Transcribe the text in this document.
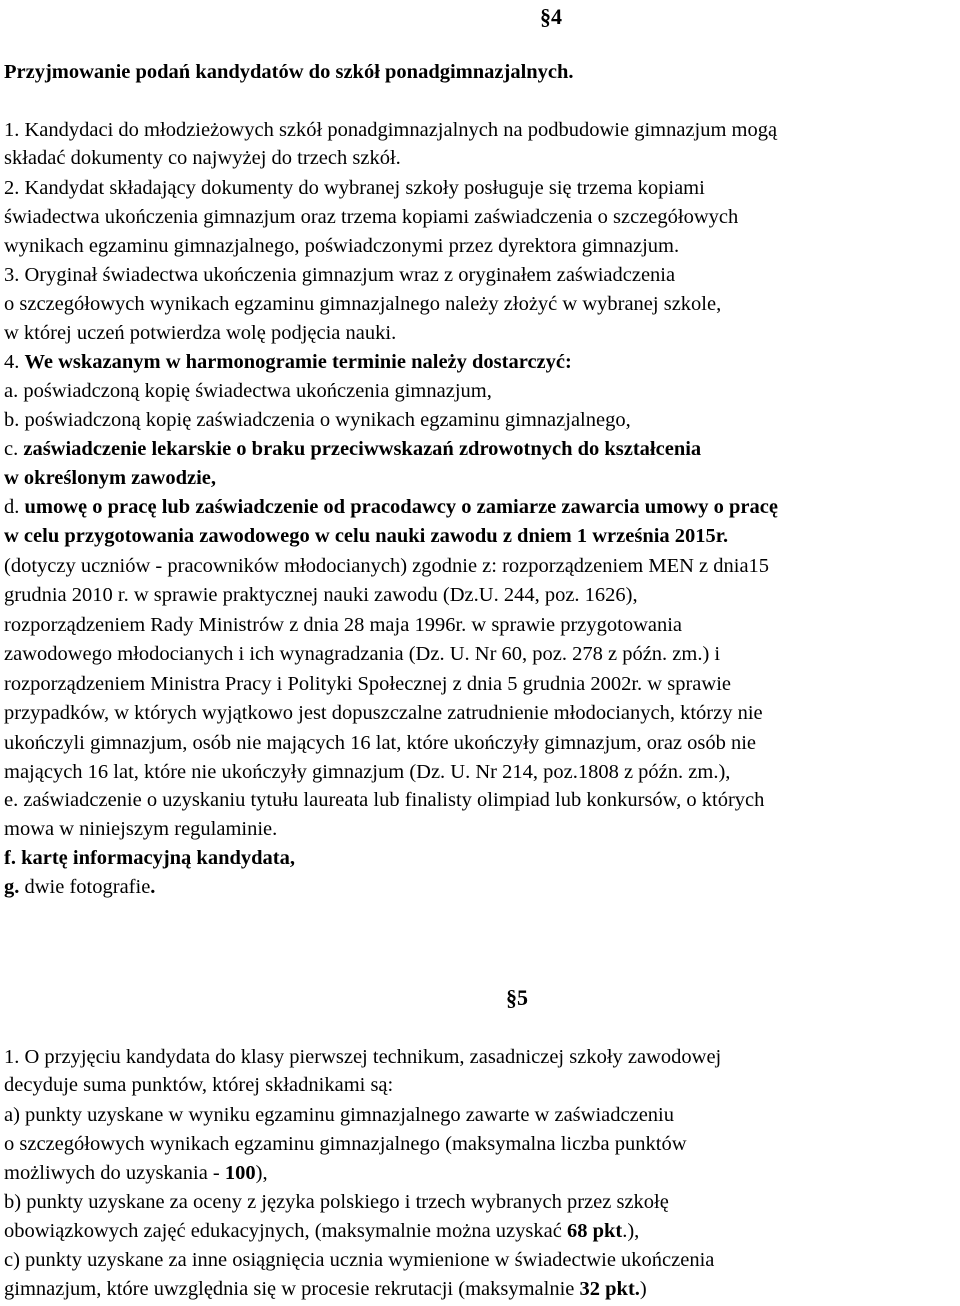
§4
Przyjmowanie podań kandydatów do szkół ponadgimnazjalnych.
1. Kandydaci do młodzieżowych szkół ponadgimnazjalnych na podbudowie gimnazjum mogą
składać dokumenty co najwyżej do trzech szkół.
2. Kandydat składający dokumenty do wybranej szkoły posługuje się trzema kopiami
świadectwa ukończenia gimnazjum oraz trzema kopiami zaświadczenia o szczegółowych
wynikach egzaminu gimnazjalnego, poświadczonymi przez dyrektora gimnazjum.
3. Oryginał świadectwa ukończenia gimnazjum wraz z oryginałem zaświadczenia
o szczegółowych wynikach egzaminu gimnazjalnego należy złożyć w wybranej szkole,
w której uczeń potwierdza wolę podjęcia nauki.
4. We wskazanym w harmonogramie terminie należy dostarczyć:
a. poświadczoną kopię świadectwa ukończenia gimnazjum,
b. poświadczoną kopię zaświadczenia o wynikach egzaminu gimnazjalnego,
c. zaświadczenie lekarskie o braku przeciwwskazań zdrowotnych do kształcenia
w określonym zawodzie,
d. umowę o pracę lub zaświadczenie od pracodawcy o zamiarze zawarcia umowy o pracę
w celu przygotowania zawodowego w celu nauki zawodu z dniem 1 września 2015r.
(dotyczy uczniów - pracowników młodocianych) zgodnie z: rozporządzeniem MEN z dnia15
grudnia 2010 r. w sprawie praktycznej nauki zawodu (Dz.U. 244, poz. 1626),
rozporządzeniem Rady Ministrów z dnia 28 maja 1996r. w sprawie przygotowania
zawodowego młodocianych i ich wynagradzania (Dz. U. Nr 60, poz. 278 z późn. zm.) i
rozporządzeniem Ministra Pracy i Polityki Społecznej z dnia 5 grudnia 2002r. w sprawie
przypadków, w których wyjątkowo jest dopuszczalne zatrudnienie młodocianych, którzy nie
ukończyli gimnazjum, osób nie mających 16 lat, które ukończyły gimnazjum, oraz osób nie
mających 16 lat, które nie ukończyły gimnazjum (Dz. U. Nr 214, poz.1808 z późn. zm.),
e. zaświadczenie o uzyskaniu tytułu laureata lub finalisty olimpiad lub konkursów, o których
mowa w niniejszym regulaminie.
f. kartę informacyjną kandydata,
g. dwie fotografie.
§5
1. O przyjęciu kandydata do klasy pierwszej technikum, zasadniczej szkoły zawodowej
decyduje suma punktów, której składnikami są:
a) punkty uzyskane w wyniku egzaminu gimnazjalnego zawarte w zaświadczeniu
o szczegółowych wynikach egzaminu gimnazjalnego (maksymalna liczba punktów
możliwych do uzyskania - 100),
b) punkty uzyskane za oceny z języka polskiego i trzech wybranych przez szkołę
obowiązkowych zajęć edukacyjnych, (maksymalnie można uzyskać 68 pkt.),
c) punkty uzyskane za inne osiągnięcia ucznia wymienione w świadectwie ukończenia
gimnazjum, które uwzględnia się w procesie rekrutacji (maksymalnie 32 pkt.)
